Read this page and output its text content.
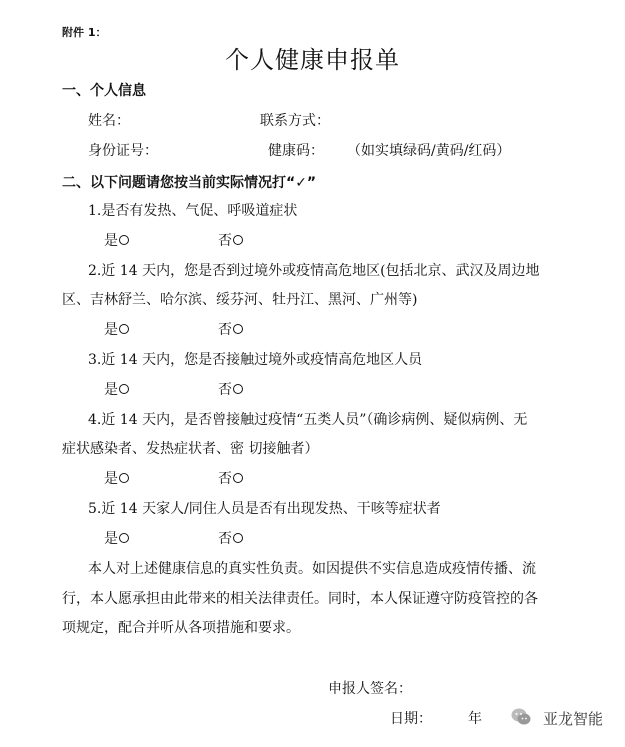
附件 1：
个人健康申报单
一、个人信息
姓名：	联系方式：
身份证号：	健康码： （如实填绿码/黄码/红码）
二、以下问题请您按当前实际情况打“✓”
1.是否有发热、气促、呼吸道症状
是	否
2.近 14 天内，您是否到过境外或疫情高危地区(包括北京、武汉及周边地
区、吉林舒兰、哈尔滨、绥芬河、牡丹江、黑河、广州等)
是	否
3.近 14 天内，您是否接触过境外或疫情高危地区人员
是	否
4.近 14 天内，是否曾接触过疫情“五类人员”（确诊病例、疑似病例、无
症状感染者、发热症状者、密 切接触者）
是	否
5.近 14 天家人/同住人员是否有出现发热、干咳等症状者
是	否
本人对上述健康信息的真实性负责。如因提供不实信息造成疫情传播、流
行，本人愿承担由此带来的相关法律责任。同时，本人保证遵守防疫管控的各
项规定，配合并听从各项措施和要求。
申报人签名：
日期：	年	亚龙智能
